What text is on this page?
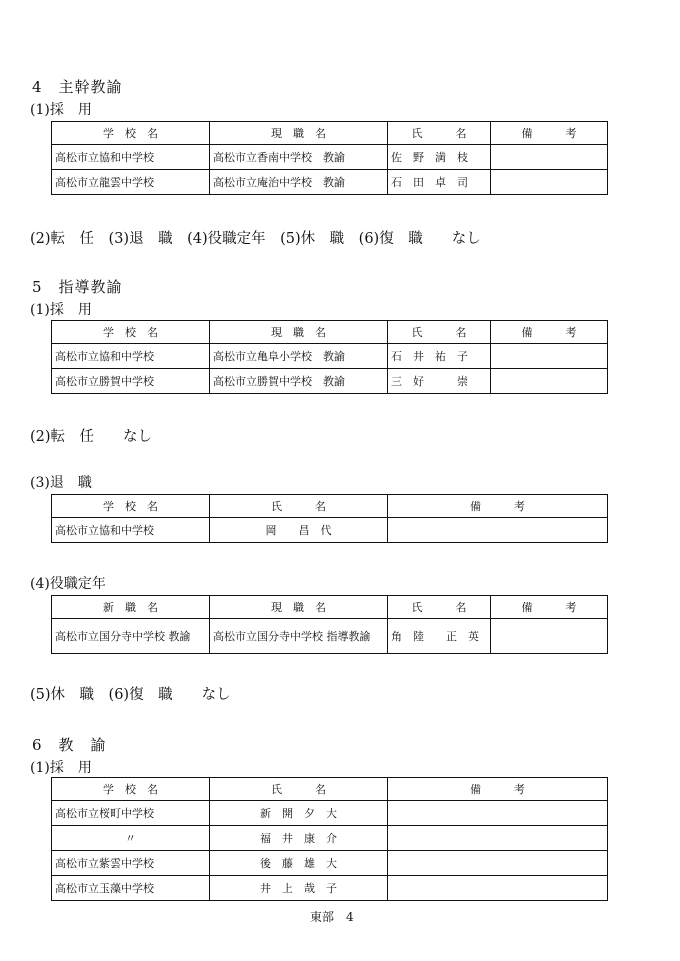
4　主幹教諭
(1)採　用
学　校　名	現　職　名	氏　　　名	備　　　考
高松市立協和中学校	高松市立香南中学校　教諭	佐　野　満　枝	
高松市立龍雲中学校	高松市立庵治中学校　教諭	石　田　卓　司	
(2)転　任　(3)退　職　(4)役職定年　(5)休　職　(6)復　職　　なし
5　指導教諭
(1)採　用
学　校　名	現　職　名	氏　　　名	備　　　考
高松市立協和中学校	高松市立亀阜小学校　教諭	石　井　祐　子	
高松市立勝賀中学校	高松市立勝賀中学校　教諭	三　好　　　崇	
(2)転　任　　なし
(3)退　職
学　校　名	氏　　　名	備　　　考
高松市立協和中学校	岡　　昌　代	
(4)役職定年
新　職　名	現　職　名	氏　　　名	備　　　考
高松市立国分寺中学校 教諭	高松市立国分寺中学校 指導教諭	角　陸　　正　英	
(5)休　職　(6)復　職　　なし
6　教　諭
(1)採　用
学　校　名	氏　　　名	備　　　考
高松市立桜町中学校	新　開　夕　大	
〃	福　井　康　介	
高松市立紫雲中学校	後　藤　雄　大	
高松市立玉藻中学校	井　上　哉　子	
東部　4
